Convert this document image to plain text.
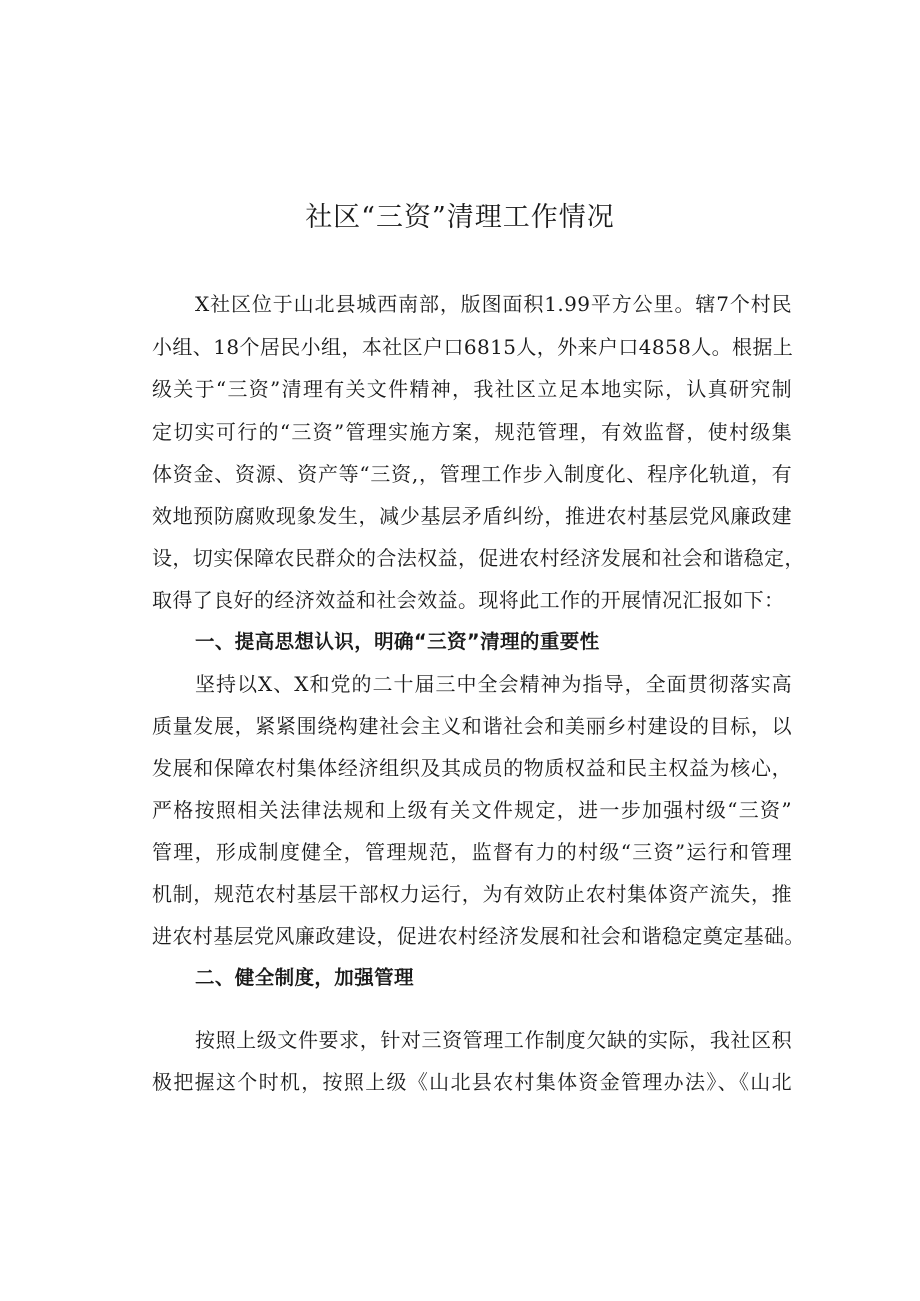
社区“三资”清理工作情况

X社区位于山北县城西南部，版图面积1.99平方公里。辖7个村民

小组、18个居民小组，本社区户口6815人，外来户口4858人。根据上

级关于“三资”清理有关文件精神，我社区立足本地实际，认真研究制

定切实可行的“三资”管理实施方案，规范管理，有效监督，使村级集

体资金、资源、资产等“三资,，管理工作步入制度化、程序化轨道，有

效地预防腐败现象发生，减少基层矛盾纠纷，推进农村基层党风廉政建

设，切实保障农民群众的合法权益，促进农村经济发展和社会和谐稳定，

取得了良好的经济效益和社会效益。现将此工作的开展情况汇报如下：

一、提高思想认识，明确“三资”清理的重要性

坚持以X、X和党的二十届三中全会精神为指导，全面贯彻落实高

质量发展，紧紧围绕构建社会主义和谐社会和美丽乡村建设的目标，以

发展和保障农村集体经济组织及其成员的物质权益和民主权益为核心，

严格按照相关法律法规和上级有关文件规定，进一步加强村级“三资”

管理，形成制度健全，管理规范，监督有力的村级“三资”运行和管理

机制，规范农村基层干部权力运行，为有效防止农村集体资产流失，推

进农村基层党风廉政建设，促进农村经济发展和社会和谐稳定奠定基础。

二、健全制度，加强管理

按照上级文件要求，针对三资管理工作制度欠缺的实际，我社区积

极把握这个时机，按照上级《山北县农村集体资金管理办法》、《山北
